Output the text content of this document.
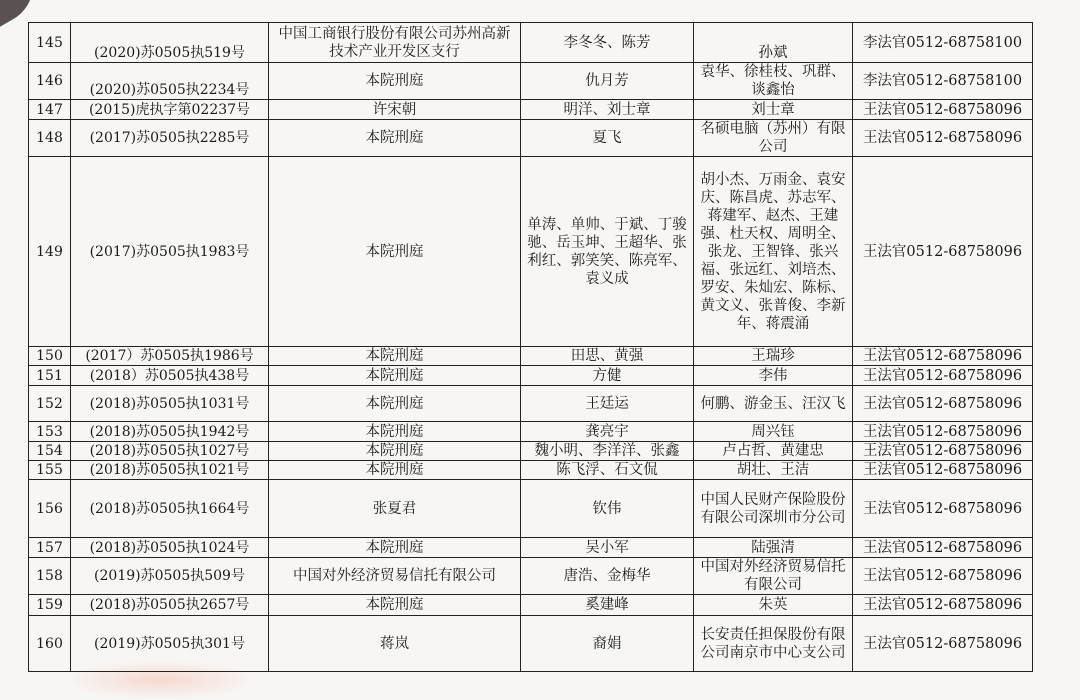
145	(2020)苏0505执519号	中国工商银行股份有限公司苏州高新技术产业开发区支行	李冬冬、陈芳	孙斌	李法官0512-68758100
146	(2020)苏0505执2234号	本院刑庭	仇月芳	袁华、徐桂枝、巩群、谈鑫怡	李法官0512-68758100
147	(2015)虎执字第02237号	许宋朝	明洋、刘士章	刘士章	王法官0512-68758096
148	(2017)苏0505执2285号	本院刑庭	夏飞	名硕电脑（苏州）有限公司	王法官0512-68758096
149	(2017)苏0505执1983号	本院刑庭	单涛、单帅、于斌、丁骏驰、岳玉坤、王超华、张利红、郭笑笑、陈亮军、袁义成	胡小杰、万雨金、袁安庆、陈昌虎、苏志军、蒋建军、赵杰、王建强、杜天权、周明全、张龙、王智锋、张兴福、张远红、刘培杰、罗安、朱灿宏、陈标、黄文义、张普俊、李新年、蒋震涌	王法官0512-68758096
150	(2017）苏0505执1986号	本院刑庭	田思、黄强	王瑞珍	王法官0512-68758096
151	(2018）苏0505执438号	本院刑庭	方健	李伟	王法官0512-68758096
152	(2018)苏0505执1031号	本院刑庭	王廷运	何鹏、游金玉、汪汉飞	王法官0512-68758096
153	(2018)苏0505执1942号	本院刑庭	龚亮宇	周兴钰	王法官0512-68758096
154	(2018)苏0505执1027号	本院刑庭	魏小明、李洋洋、张鑫	卢占哲、黄建忠	王法官0512-68758096
155	(2018)苏0505执1021号	本院刑庭	陈飞浮、石文侃	胡壮、王洁	王法官0512-68758096
156	(2018)苏0505执1664号	张夏君	钦伟	中国人民财产保险股份有限公司深圳市分公司	王法官0512-68758096
157	(2018)苏0505执1024号	本院刑庭	吴小军	陆强清	王法官0512-68758096
158	(2019)苏0505执509号	中国对外经济贸易信托有限公司	唐浩、金梅华	中国对外经济贸易信托有限公司	王法官0512-68758096
159	(2018)苏0505执2657号	本院刑庭	奚建峰	朱英	王法官0512-68758096
160	(2019)苏0505执301号	蒋岚	裔娟	长安责任担保股份有限公司南京市中心支公司	王法官0512-68758096
